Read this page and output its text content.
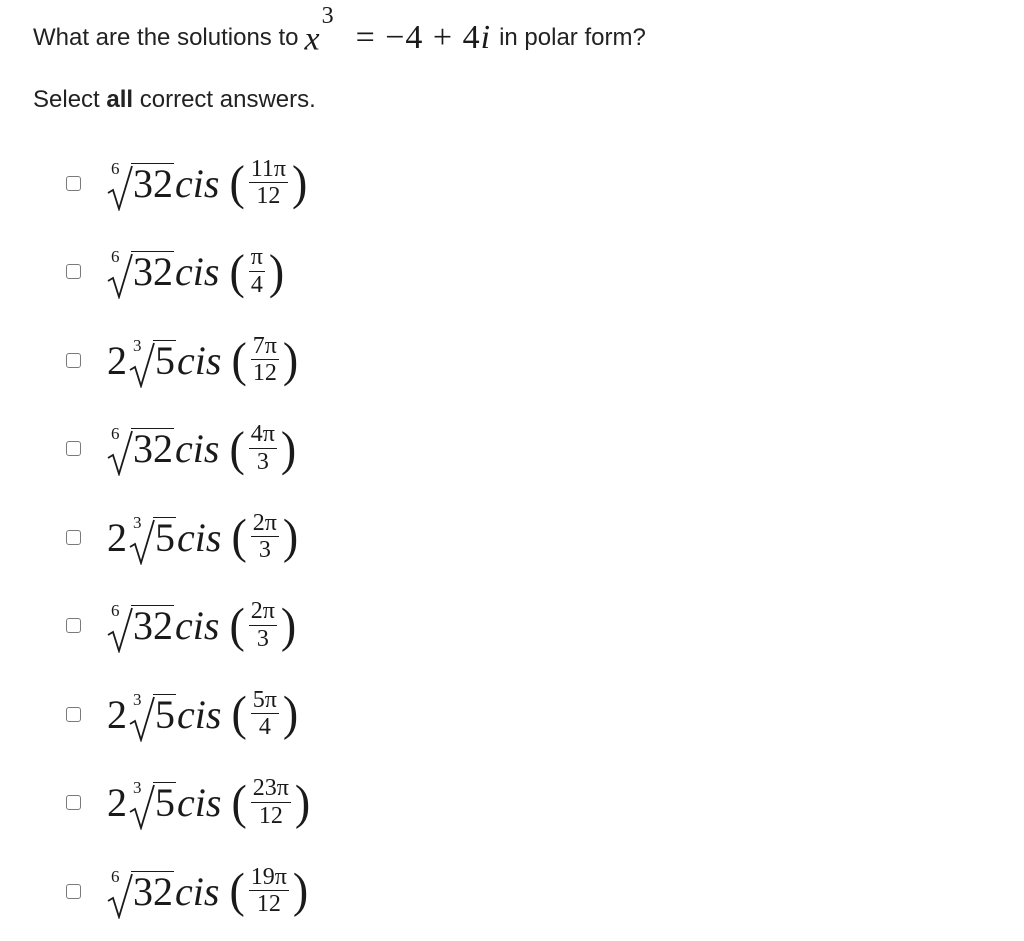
What are the solutions to $x^3$
= −4 + 4i in polar form?
Select all correct answers.
6 32 cis ( $\frac{11\pi}{12}$ )
6 32 cis ( $\frac{\pi}{4}$ )
2 3 5 cis ( $\frac{7\pi}{12}$ )
6 32 cis ( $\frac{4\pi}{3}$ )
2 3 5 cis ( $\frac{2\pi}{3}$ )
6 32 cis ( $\frac{2\pi}{3}$ )
2 3 5 cis ( $\frac{5\pi}{4}$ )
2 3 5 cis ( $\frac{23\pi}{12}$ )
6 32 cis ( $\frac{19\pi}{12}$ )
